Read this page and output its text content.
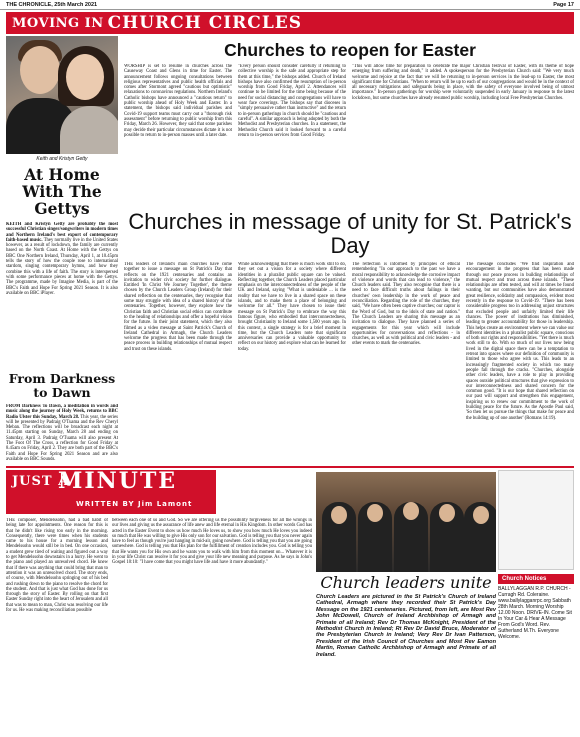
THE CHRONICLE, 25th March 2021	Page 17
MOVING IN CHURCH CIRCLES
Keith and Kristyn Getty
At Home With The Gettys
KEITH and Kristyn Getty are probably the most successful Christian singer/songwriters in modern times and Northern Ireland's best export of contemporary faith-based music. They normally live in the United States however, as a result of lockdown, the family are currently based on the North Coast. At Home with the Gettys on BBC One Northern Ireland, Thursday, April 1, at 10.45pm tells the story of how the couple rose to international stardom, singing contemporary hymns, and how they combine this with a life of faith. The story is interspersed with some performance pieces at home with the Gettys. The programme, made by Imagine Media, is part of the BBC's Faith and Hope For Spring 2021 Season. It is also available on BBC iPlayer.
From Darkness to Dawn
FROM Darkness To Dawn, a meditation in words and music along the journey of Holy Week, returns to BBC Radio Ulster this Sunday, March 28. This year, the series will be presented by Padraig O'Tuama and the Rev Cheryl Meban. The reflections will be broadcast each night at 11.45pm starting on Sunday, March 28 and ending on Saturday, April 3. Padraig O'Tuama will also present At The Foot Of The Cross, a reflection for Good Friday at 8.45am on Friday, April 2. They are both part of the BBC's Faith and Hope For Spring 2021 Season and are also available on BBC Sounds.
Churches to reopen for Easter
WORSHIP is set to resume in churches across the Causeway Coast and Glens in time for Easter. The announcement follows ongoing consultations between religious representatives and public health officials and comes after Stormont agreed "cautious but optimistic" relaxations to coronavirus regulations. Northern Ireland's Catholic bishops have announced a "cautious return" to public worship ahead of Holy Week and Easter. In a statement, the bishops said individual parishes and Covid-19 support teams must carry out a "thorough risk assessment" before returning to public worship from this Friday, March 26. However, they said that some parishes may decide their particular circumstances dictate it is not possible to return to in-person masses until a later date.
"Every person should consider carefully if returning to collective worship is the safe and appropriate step for them at this time," the bishops added. Church of Ireland bishops have also confirmed the resumption of in-person worship from Good Friday, April 2. Attendances will continue to be limited for the time being because of the need for social distancing and congregations will have to wear face coverings. The bishops say that dioceses in "simply persuasive rather than instructive" and the return to in-person gatherings in church should be "cautious and careful". A similar approach is being adopted by both the Methodist and Presbyterian churches. In a statement, the Methodist Church said it looked forward to a careful return to in-person services from Good Friday.
"This will allow time for preparation to celebrate the major Christian festival of Easter, with its theme of hope emerging from suffering and death," it added. A spokesperson for the Presbyterian Church said: "We very much welcome and rejoice at the fact that we will be returning to in-person services in the lead-up to Easter, the most significant time for Christians. "When to return will be up to each of our congregations and would be in the context of all necessary mitigations and safeguards being in place, with the safety of everyone involved being of utmost importance." In-person gatherings for worship were voluntarily suspended in early January in response to the latest lockdown, but some churches have already resumed public worship, including local Free Presbyterian Churches.
Churches in message of unity for St. Patrick's Day
THE leaders of Ireland's main churches have come together to issue a message on St Patrick's Day that reflects on the 1921 centenaries and contains an invitation to wider civic society for further dialogue. Entitled 'In Christ We Journey Together', the theme chosen by the Church Leaders Group (Ireland) for their shared reflection on the centenaries, they recognise that some may struggle with idea of a shared history of the centenaries. Together, however, they explore how the Christian faith and Christian social ethics can contribute to the healing of relationships and offer a hopeful vision for the future. In their joint statement, which they also filmed as a video message at Saint Patrick's Church of Ireland Cathedral in Armagh, the Church Leaders welcome the progress that has been made through the peace process in building relationships of mutual respect and trust on these islands.
While acknowledging that there is much work still to do, they set out a vision for a society where different identities in a pluralist public square can be valued. Reflecting together, the Church Leaders placed particular emphasis on the interconnectedness of the people of the UK and Ireland, saying "What is undeniable ... is the reality that we have to live in a shared space on these islands, and to make them a place of belonging and welcome for all." They have chosen to issue their message on St Patrick's Day to embrace the way this famous figure, who embodied that interconnectedness, brought Christianity to Ireland some 1,500 years ago. In this context, a single strategy is for a brief moment in time, but the Church Leaders note that significant anniversaries can provide a valuable opportunity to reflect on our history and explore what can be learned for today.
The reflection is informed by principles of ethical remembering "In our approach to the past we have a moral responsibility to acknowledge the corrosive impact of violence and words that can lead to violence," the Church leaders said. They also recognise that there is a need to face difficult truths about failings in their churches' own leadership in the work of peace and reconciliation. Regarding the role of the churches, they said, "We have often been captive churches; our captor is the Word of God, but to the idols of state and nation." The Church Leaders are sharing this message as an invitation to dialogue. They have planned a series of engagements for this year which will include opportunities for conversations and reflections - in churches, as well as with political and civic leaders - and other events to mark the centenaries.
The message concludes "We find inspiration and encouragement in the progress that has been made through our peace process in building relationships of mutual respect and trust across these islands. "These relationships are often tested, and will at times be found wanting, but our communities have also demonstrated great resilience, solidarity and compassion, evident most recently in the response to Covid-19. "There has been considerable progress too in addressing unjust structures that excluded people and unfairly limited their life chances. The power of institutions has diminished, leading to greater accountability for those in leadership. This helps create an environment where we can value our different identities in a pluralist public square, conscious of both our rights and responsibilities. "Yet there is much work still to do. With so much of our lives now being lived in the digital space there can be a temptation to retreat into spaces where our definition of community is limited to those who agree with us. This leads to an increasingly fragmented society in which too many people fall through the cracks. "Churches, alongside other civic leaders, have a role to play in providing spaces outside political structures that give expression to our interconnectedness and shared concern for the common good. "It is our hope that shared reflection on our past will support and strengthen this engagement, inspiring us to renew our commitment to the work of building peace for the future. As the Apostle Paul said, 'So then let us pursue the things that make for peace and the building up of one another' (Romans 14:19).
JUST A
MINUTE
WRITTEN BY Jim Lamont
THE composer, Mendelssohn, had a bad habit of being late for appointments. One reason for this is that he didn't like rising too early in the morning. Consequently, there were times when his students came to his house for a morning lesson and Mendelssohn would still be in bed. On one occasion, a student grew tired of waiting and figured out a way to get Mendelssohn downstairs in a hurry. He went to the piano and played an unresolved chord. He knew that if there was anything that could bring that man to attention it was an unresolved chord. The story ends, of course, with Mendelssohn springing out of his bed and rushing down to the piano to resolve the chord for the student. And that is just what God has done for us through the story of Easter. By rolling on that first Easter Sunday right into the heart of Jerusalem and all that was to mean to man, Christ was resolving our life for us. He was making reconciliation possible
between each one of us and God. So we are offering us the possibility forgiveness for all the wrongs in our lives and giving us the assurance of life anew and life eternal in His Kingdom. In other words God has acted in the Easter Event to show us how much He loves us, to show you how much He loves you indeed so much that He was willing to give His only son for our salvation. God is telling you that you never again have to feel as though you're just hanging in mid-air, going nowhere. God is telling you that you are going somewhere. God is telling you that His plan for the fulfillment of creation includes you. God is telling you that He wants you for His own and he wants you to walk with him from this moment on... Whatever it is in your life Christ can resolve it for you and give your life new meaning and purpose. As he says in John's Gospel 10:10: "I have come that you might have life and have it more abundantly."
Church leaders unite
Church Leaders are pictured in the St Patrick's Church of Ireland Cathedral, Armagh where they recorded their St Patrick's Day Message on the 1921 centenaries. Pictured, from left, are Most Rev John McDowell, Church of Ireland Archbishop of Armagh and Primate of all Ireland; Rev Dr Thomas McKnight, President of the Methodist Church in Ireland; Rt Rev Dr David Bruce, Moderator of the Presbyterian Church in Ireland; Very Rev Dr Ivan Patterson, President of the Irish Council of Churches and Most Rev Eamon Martin, Roman Catholic Archbishop of Armagh and Primate of all Ireland.
Church Notices
BALLYLAGGAN R.P. CHURCH - Curragh Rd. Coleraine. www.ballylagganrpc.org Sabbath 28th March. Morning Worship 12.00 Noon. DRIVE-IN. Come Sit In Your Car & Hear A Message From God's Word. Rev. Sutherland M.Th. Everyone Welcome.
